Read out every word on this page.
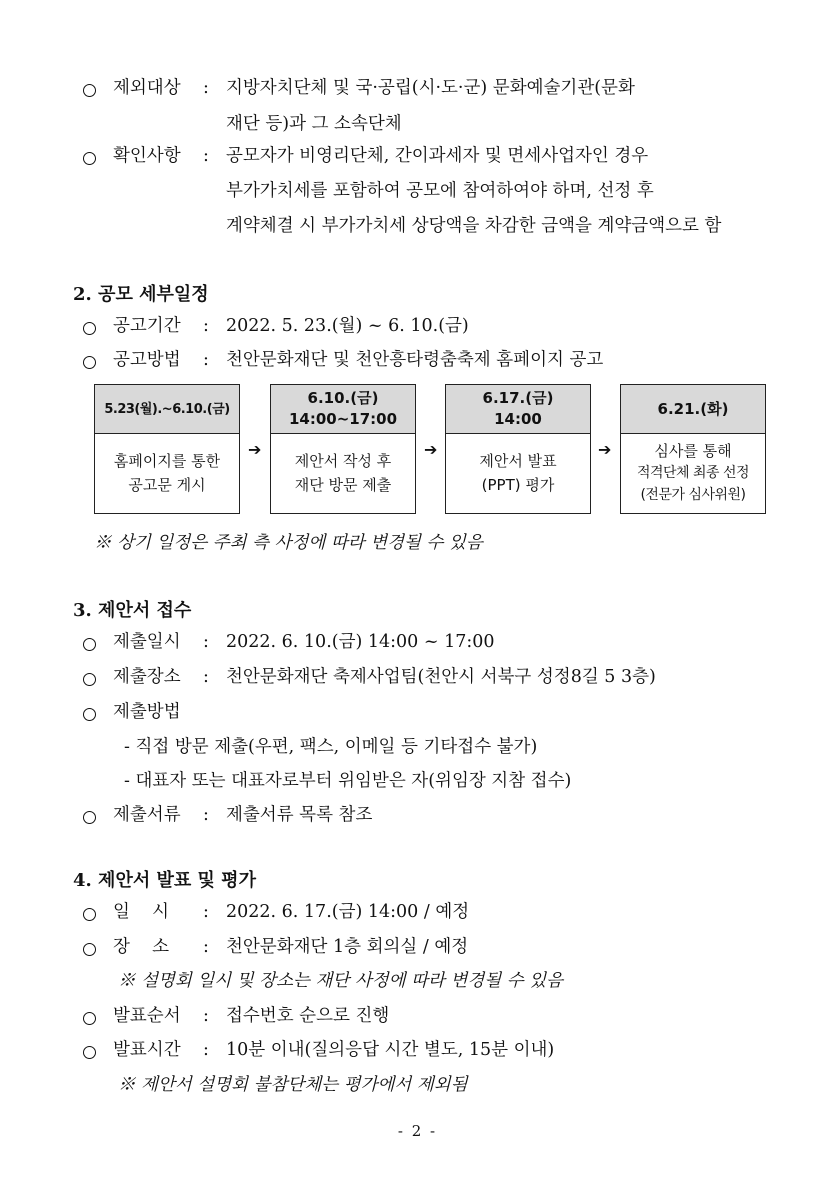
제외대상 : 지방자치단체 및 국·공립(시·도·군) 문화예술기관(문화
재단 등)과 그 소속단체
확인사항 : 공모자가 비영리단체, 간이과세자 및 면세사업자인 경우
부가가치세를 포함하여 공모에 참여하여야 하며, 선정 후
계약체결 시 부가가치세 상당액을 차감한 금액을 계약금액으로 함
2. 공모 세부일정
공고기간 : 2022. 5. 23.(월) ~ 6. 10.(금)
공고방법 : 천안문화재단 및 천안흥타령춤축제 홈페이지 공고
5.23(월).~6.10.(금)
홈페이지를 통한
공고문 게시
➔
6.10.(금)
14:00~17:00
제안서 작성 후
재단 방문 제출
➔
6.17.(금)
14:00
제안서 발표
(PPT) 평가
➔
6.21.(화)
심사를 통해
적격단체 최종 선정
(전문가 심사위원)
※ 상기 일정은 주최 측 사정에 따라 변경될 수 있음
3. 제안서 접수
제출일시 : 2022. 6. 10.(금) 14:00 ~ 17:00
제출장소 : 천안문화재단 축제사업팀(천안시 서북구 성정8길 5 3층)
제출방법
- 직접 방문 제출(우편, 팩스, 이메일 등 기타접수 불가)
- 대표자 또는 대표자로부터 위임받은 자(위임장 지참 접수)
제출서류 : 제출서류 목록 참조
4. 제안서 발표 및 평가
일    시 : 2022. 6. 17.(금) 14:00 / 예정
장    소 : 천안문화재단 1층 회의실 / 예정
※ 설명회 일시 및 장소는 재단 사정에 따라 변경될 수 있음
발표순서 : 접수번호 순으로 진행
발표시간 : 10분 이내(질의응답 시간 별도, 15분 이내)
※ 제안서 설명회 불참단체는 평가에서 제외됨
- 2 -
